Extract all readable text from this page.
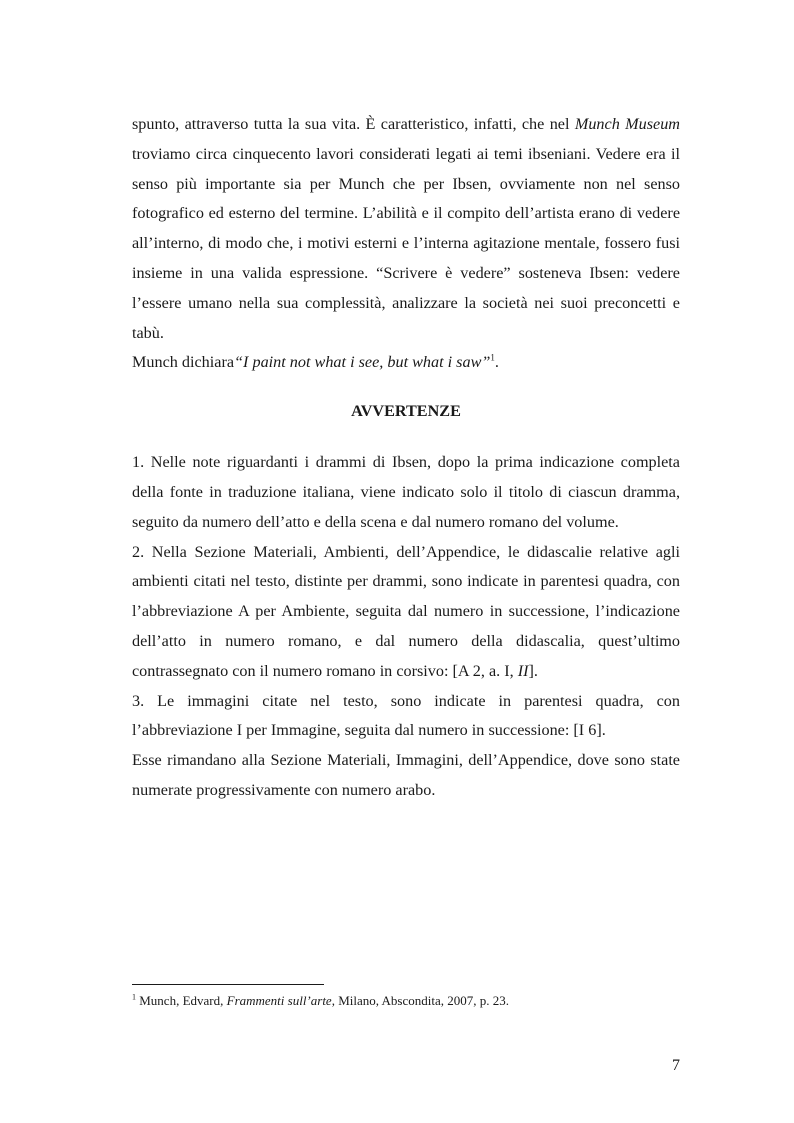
spunto, attraverso tutta la sua vita. È caratteristico, infatti, che nel Munch Museum troviamo circa cinquecento lavori considerati legati ai temi ibseniani. Vedere era il senso più importante sia per Munch che per Ibsen, ovviamente non nel senso fotografico ed esterno del termine. L’abilità e il compito dell’artista erano di vedere all’interno, di modo che, i motivi esterni e l’interna agitazione mentale, fossero fusi insieme in una valida espressione. “Scrivere è vedere” sosteneva Ibsen: vedere l’essere umano nella sua complessità, analizzare la società nei suoi preconcetti e tabù.

Munch dichiara“I paint not what i see, but what i saw”$^1$.

AVVERTENZE

1. Nelle note riguardanti i drammi di Ibsen, dopo la prima indicazione completa della fonte in traduzione italiana, viene indicato solo il titolo di ciascun dramma, seguito da numero dell’atto e della scena e dal numero romano del volume.

2. Nella Sezione Materiali, Ambienti, dell’Appendice, le didascalie relative agli ambienti citati nel testo, distinte per drammi, sono indicate in parentesi quadra, con l’abbreviazione A per Ambiente, seguita dal numero in successione, l’indicazione dell’atto in numero romano, e dal numero della didascalia, quest’ultimo contrassegnato con il numero romano in corsivo: [A 2, a. I, II].

3. Le immagini citate nel testo, sono indicate in parentesi quadra, con l’abbreviazione I per Immagine, seguita dal numero in successione: [I 6].

Esse rimandano alla Sezione Materiali, Immagini, dell’Appendice, dove sono state numerate progressivamente con numero arabo.

$^1$ Munch, Edvard, Frammenti sull’arte, Milano, Abscondita, 2007, p. 23.
7
